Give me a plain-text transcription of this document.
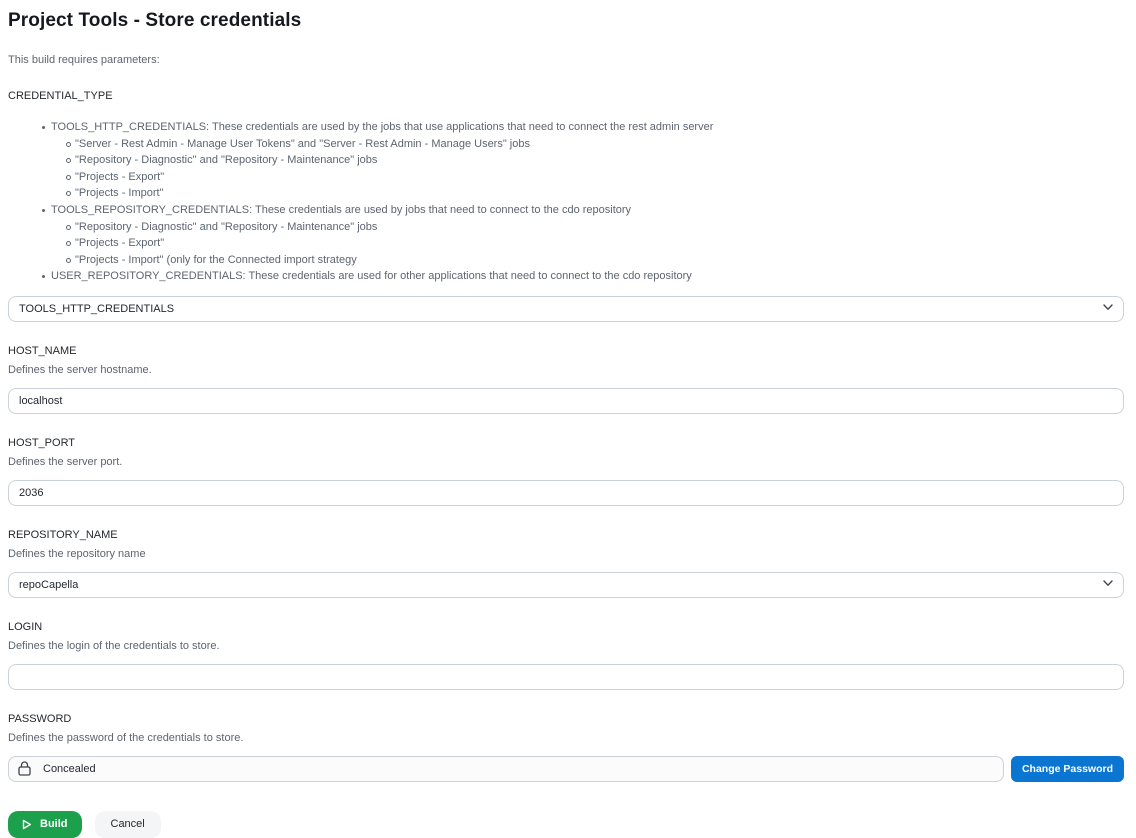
Project Tools - Store credentials

This build requires parameters:

CREDENTIAL_TYPE
TOOLS_HTTP_CREDENTIALS: These credentials are used by the jobs that use applications that need to connect the rest admin server
"Server - Rest Admin - Manage User Tokens" and "Server - Rest Admin - Manage Users" jobs
"Repository - Diagnostic" and "Repository - Maintenance" jobs
"Projects - Export"
"Projects - Import"
TOOLS_REPOSITORY_CREDENTIALS: These credentials are used by jobs that need to connect to the cdo repository
"Repository - Diagnostic" and "Repository - Maintenance" jobs
"Projects - Export"
"Projects - Import" (only for the Connected import strategy
USER_REPOSITORY_CREDENTIALS: These credentials are used for other applications that need to connect to the cdo repository
TOOLS_HTTP_CREDENTIALS
HOST_NAME

Defines the server hostname.

localhost
HOST_PORT

Defines the server port.

2036
REPOSITORY_NAME

Defines the repository name

repoCapella
LOGIN

Defines the login of the credentials to store.

PASSWORD

Defines the password of the credentials to store.

Concealed	Change Password
Build	Cancel
